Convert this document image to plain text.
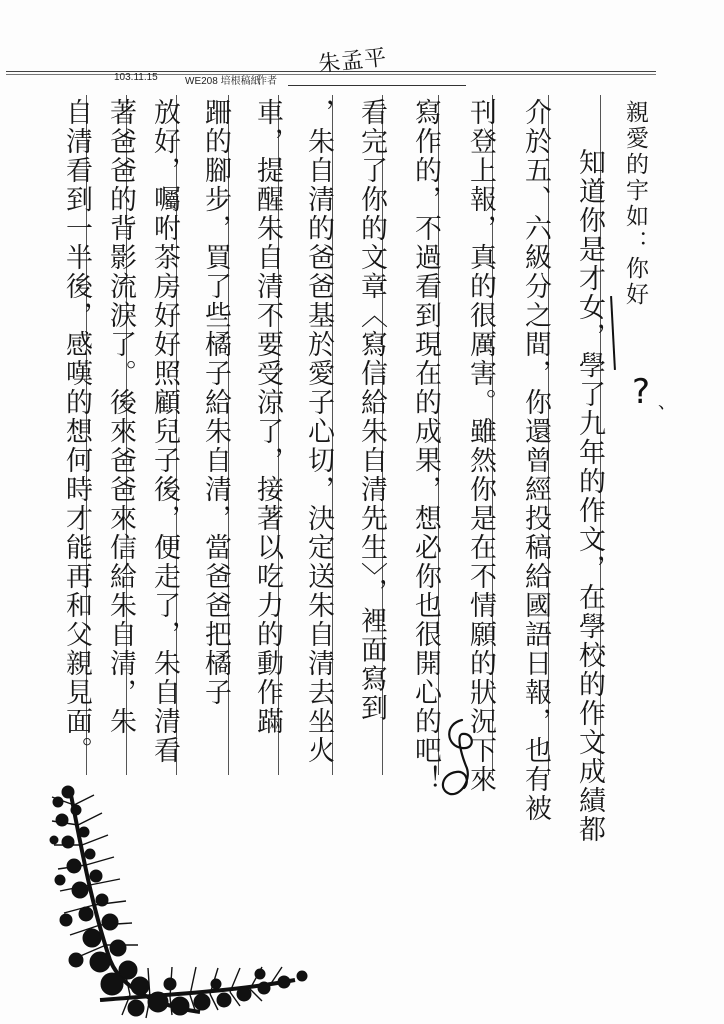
103.11.15	WE208 培根稿紙
作者
朱孟平
親愛的宇如：你好
知道你是才女，學了九年的作文，在學校的作文成績都
介於五、六級分之間，你還曾經投稿給國語日報，也有被
刊登上報，真的很厲害。雖然你是在不情願的狀況下來
寫作的，不過看到現在的成果，想必你也很開心的吧！
看完了你的文章〈寫信給朱自清先生〉，裡面寫到
，朱自清的爸爸基於愛子心切，決定送朱自清去坐火
車，提醒朱自清不要受涼了，接著以吃力的動作蹣
跚的腳步，買了些橘子給朱自清，當爸爸把橘子
放好，囑咐茶房好好照顧兒子後，便走了，朱自清看
著爸爸的背影流淚了。後來爸爸來信給朱自清，朱
自清看到一半後，感嘆的想何時才能再和父親見面。	? 、
